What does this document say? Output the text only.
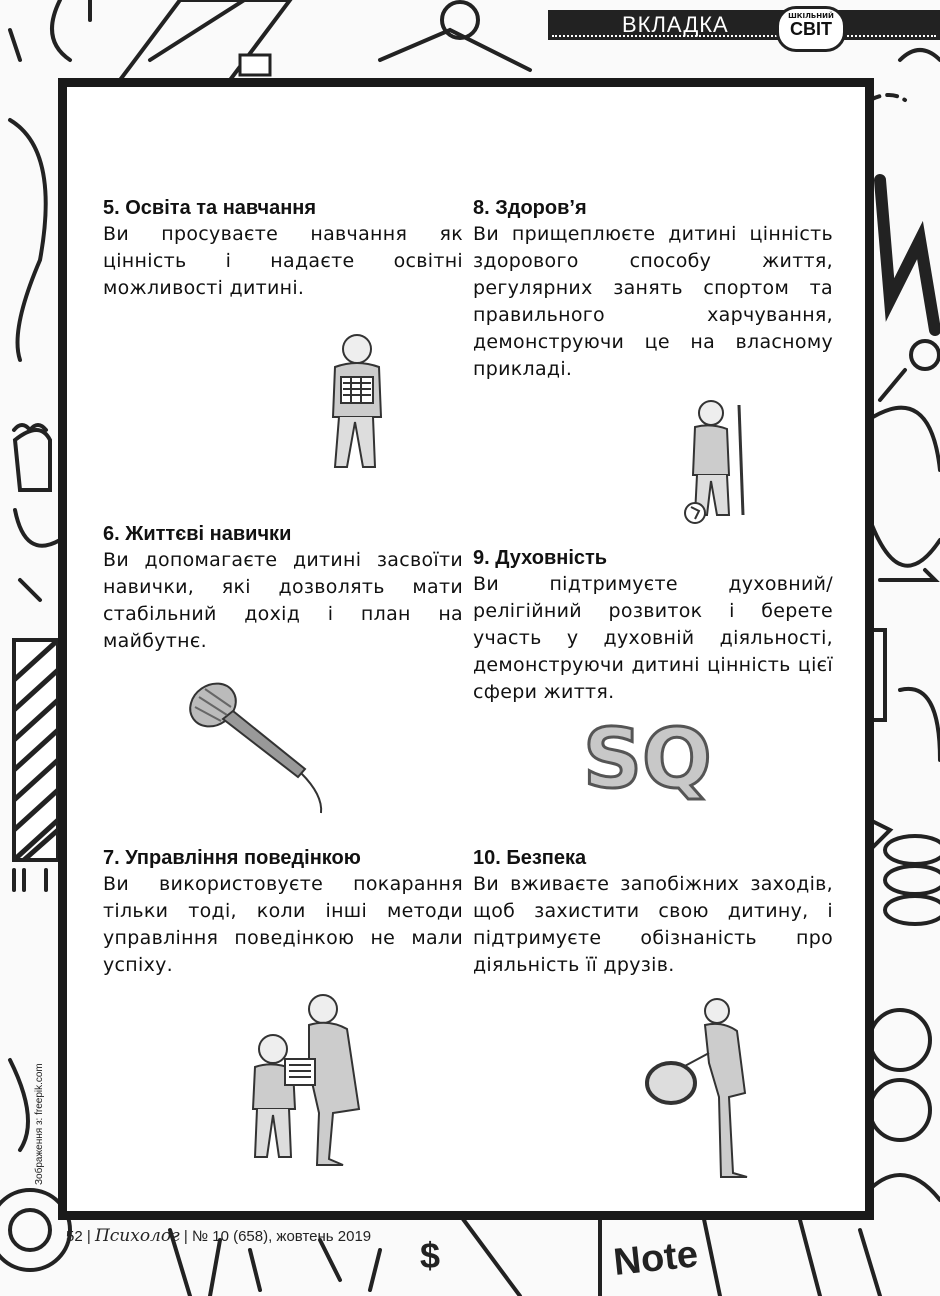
Note
$
ВКЛАДКА	ШКІЛЬНИЙ
СВІТ
5. Освіта та навчання

Ви просуваєте навчання як цінність і надаєте освітні можливості дитині.

6. Життєві навички

Ви допомагаєте дитині засвоїти навички, які дозволять мати стабільний дохід і план на майбутнє.

7. Управління поведінкою

Ви використовуєте покарання тільки тоді, коли інші методи управління поведінкою не мали успіху.

8. Здоров’я

Ви прищеплюєте дитині цінність здорового способу життя, регулярних занять спортом та правильного харчування, демонструючи це на власному прикладі.

9. Духовність

Ви підтримуєте духовний/релігійний розвиток і берете участь у духовній діяльності, демонструючи дитині цінність цієї сфери життя.

SQ
10. Безпека

Ви вживаєте запобіжних заходів, щоб захистити свою дитину, і підтримуєте обізнаність про діяльність її друзів.

Зображення з: freepik.com
52 | Психолог | № 10 (658), жовтень 2019
